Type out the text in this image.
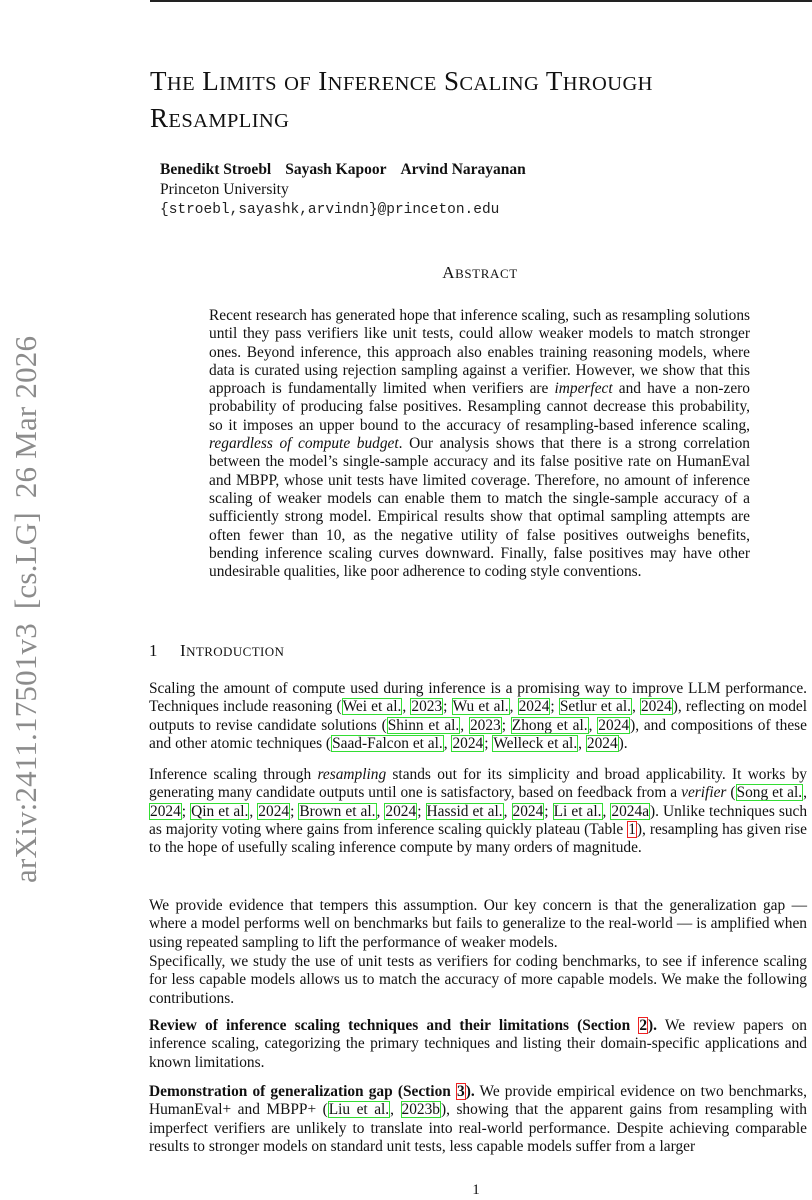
arXiv:2411.17501v3[cs.LG]26 Mar 2026
THE LIMITS OF INFERENCE SCALING THROUGH
RESAMPLING
Benedikt Stroebl Sayash Kapoor Arvind Narayanan
Princeton University
{stroebl,sayashk,arvindn}@princeton.edu
ABSTRACT

Recent research has generated hope that inference scaling, such as resampling solutions until they pass verifiers like unit tests, could allow weaker models to match stronger ones. Beyond inference, this approach also enables training reasoning models, where data is curated using rejection sampling against a verifier. However, we show that this approach is fundamentally limited when verifiers are imperfect and have a non-zero probability of producing false positives. Resampling cannot decrease this probability, so it imposes an upper bound to the accuracy of resampling-based inference scaling, regardless of compute budget. Our analysis shows that there is a strong correlation between the model’s single-sample accuracy and its false positive rate on HumanEval and MBPP, whose unit tests have limited coverage. Therefore, no amount of inference scaling of weaker models can enable them to match the single-sample accuracy of a sufficiently strong model. Empirical results show that optimal sampling attempts are often fewer than 10, as the negative utility of false positives outweighs benefits, bending inference scaling curves downward. Finally, false positives may have other undesirable qualities, like poor adherence to coding style conventions.

1 INTRODUCTION

Scaling the amount of compute used during inference is a promising way to improve LLM performance. Techniques include reasoning (Wei et al., 2023; Wu et al., 2024; Setlur et al., 2024), reflecting on model outputs to revise candidate solutions (Shinn et al., 2023; Zhong et al., 2024), and compositions of these and other atomic techniques (Saad-Falcon et al., 2024; Welleck et al., 2024).

Inference scaling through resampling stands out for its simplicity and broad applicability. It works by generating many candidate outputs until one is satisfactory, based on feedback from a verifier (Song et al., 2024; Qin et al., 2024; Brown et al., 2024; Hassid et al., 2024; Li et al., 2024a). Unlike techniques such as majority voting where gains from inference scaling quickly plateau (Table 1), resampling has given rise to the hope of usefully scaling inference compute by many orders of magnitude.

We provide evidence that tempers this assumption. Our key concern is that the generalization gap — where a model performs well on benchmarks but fails to generalize to the real-world — is amplified when using repeated sampling to lift the performance of weaker models.

Specifically, we study the use of unit tests as verifiers for coding benchmarks, to see if inference scaling for less capable models allows us to match the accuracy of more capable models. We make the following contributions.

Review of inference scaling techniques and their limitations (Section 2). We review papers on inference scaling, categorizing the primary techniques and listing their domain-specific applications and known limitations.

Demonstration of generalization gap (Section 3). We provide empirical evidence on two benchmarks, HumanEval+ and MBPP+ (Liu et al., 2023b), showing that the apparent gains from resampling with imperfect verifiers are unlikely to translate into real-world performance. Despite achieving comparable results to stronger models on standard unit tests, less capable models suffer from a larger

1
